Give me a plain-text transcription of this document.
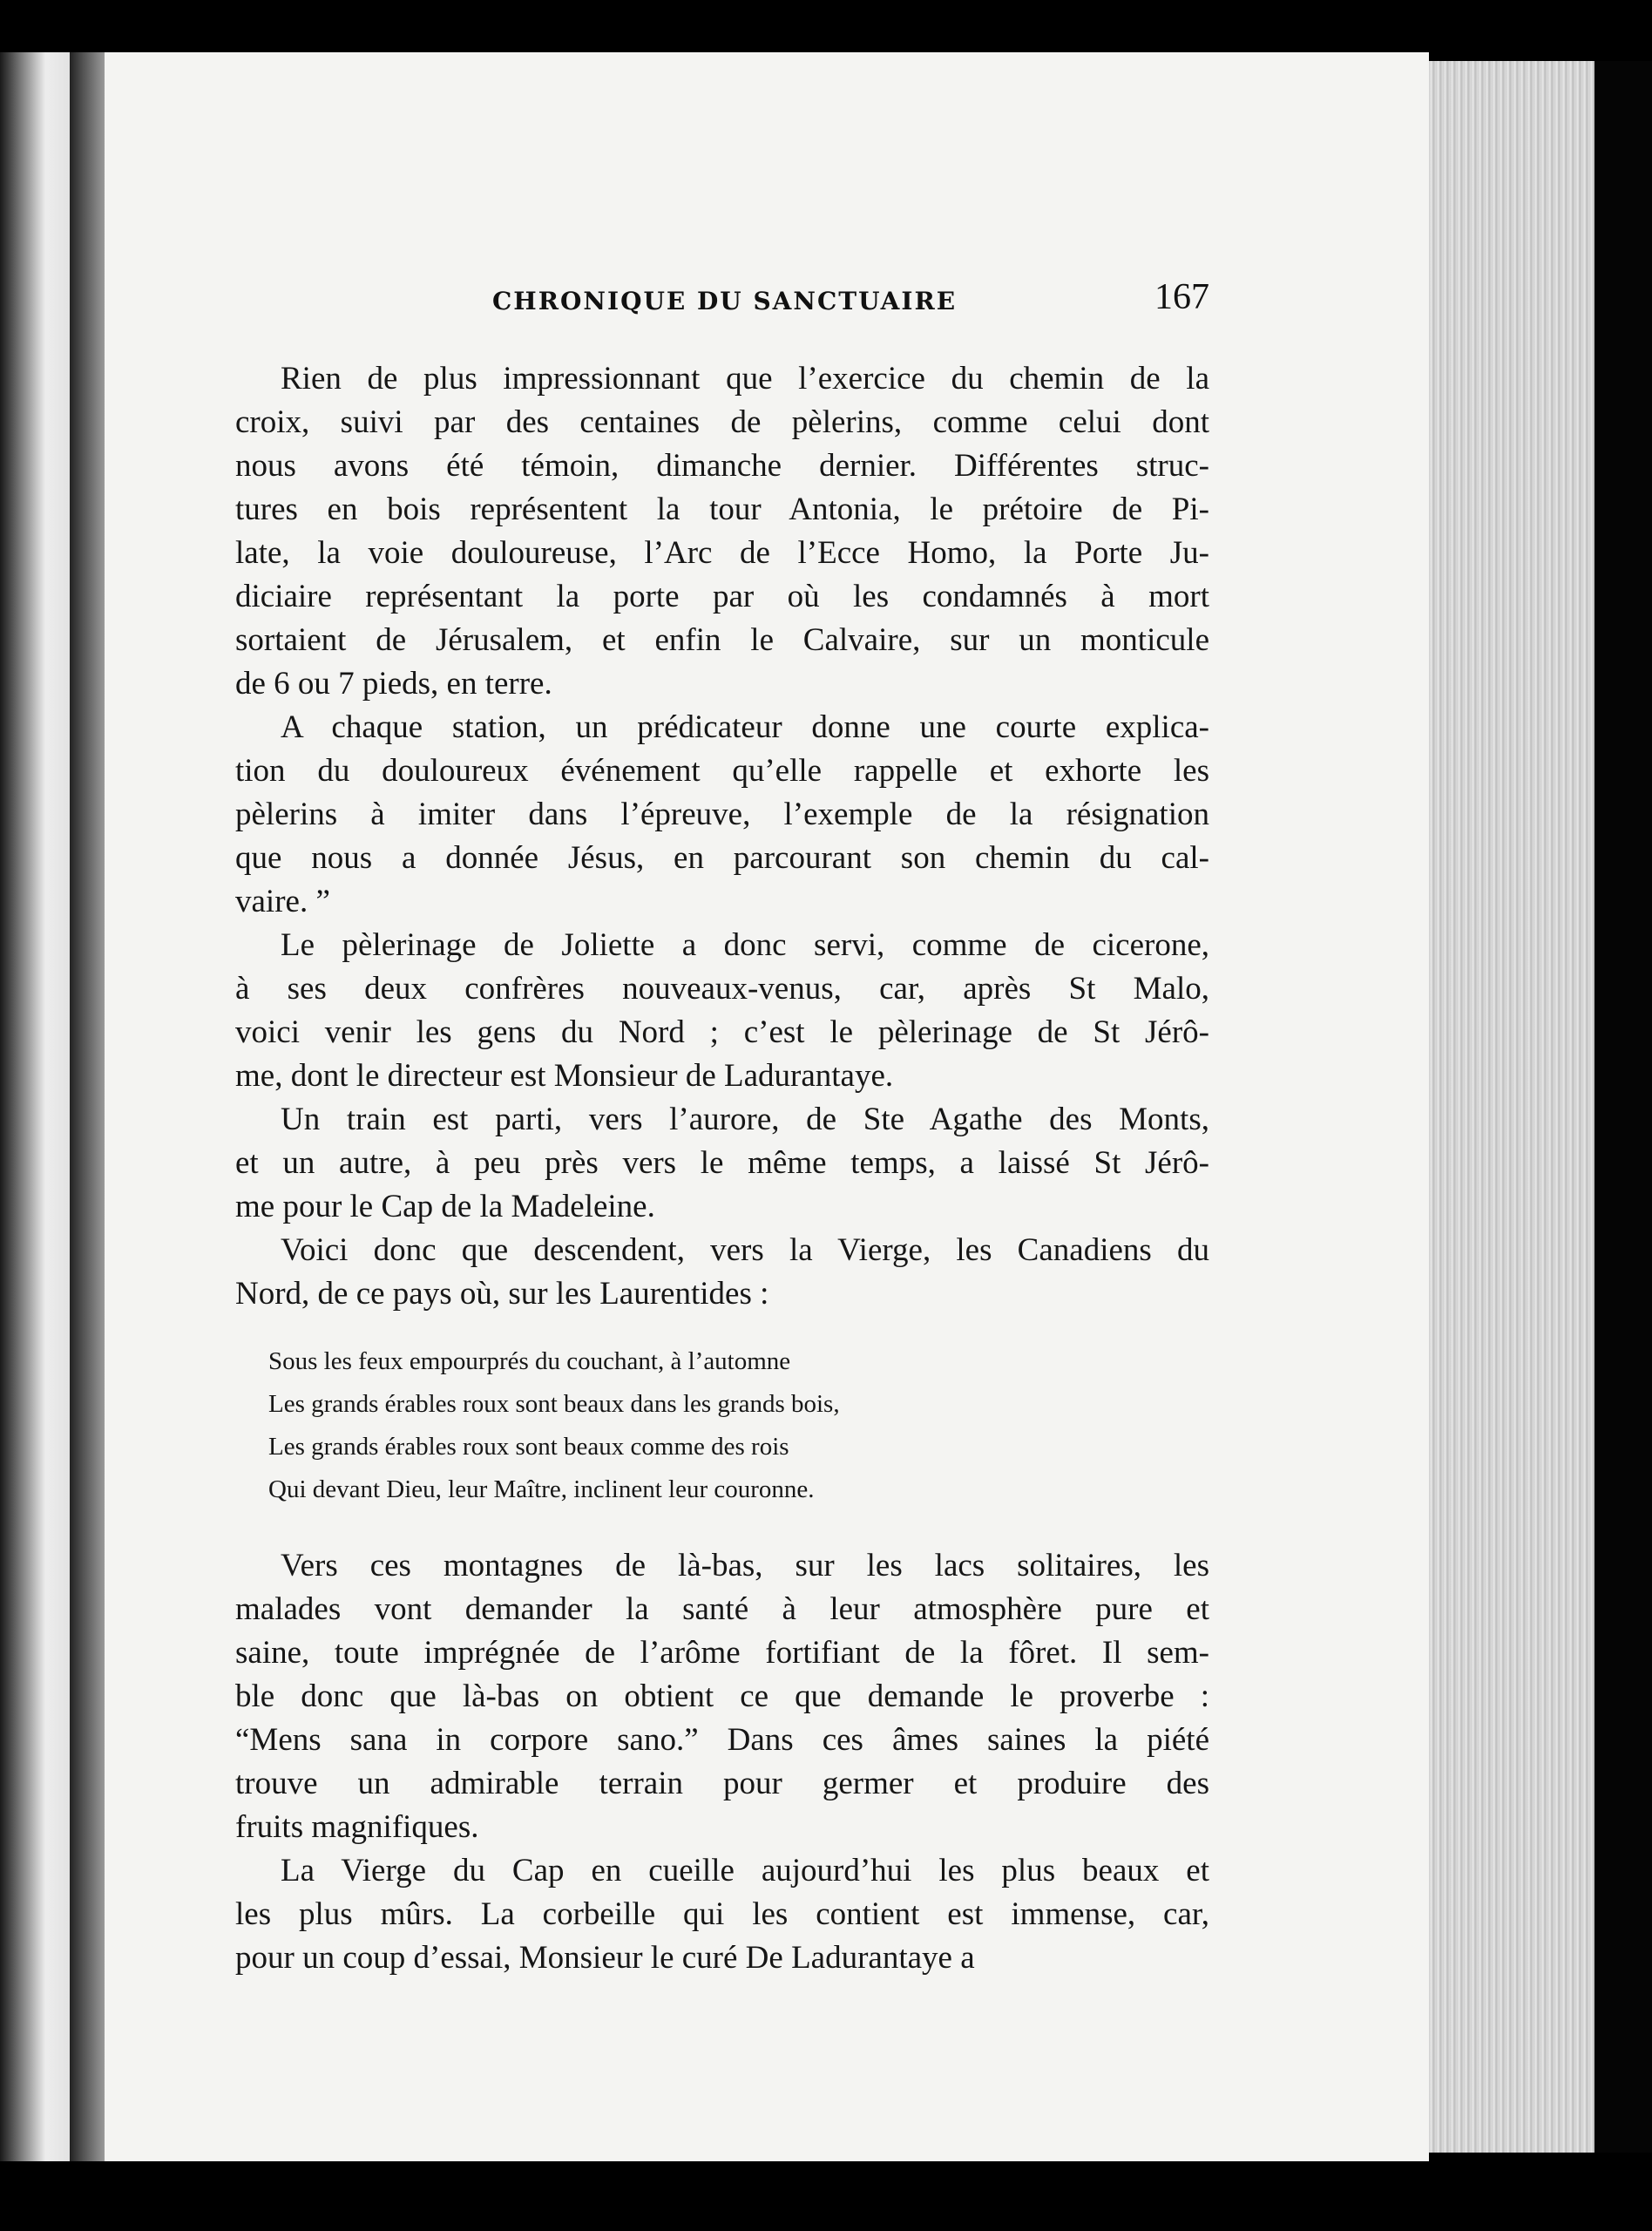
CHRONIQUE DU SANCTUAIRE	167

Rien de plus impressionnant que l’exercice du chemin de la
croix, suivi par des centaines de pèlerins, comme celui dont
nous avons été témoin, dimanche dernier. Différentes struc-
tures en bois représentent la tour Antonia, le prétoire de Pi-
late, la voie douloureuse, l’Arc de l’Ecce Homo, la Porte Ju-
diciaire représentant la porte par où les condamnés à mort
sortaient de Jérusalem, et enfin le Calvaire, sur un monticule
de 6 ou 7 pieds, en terre.

A chaque station, un prédicateur donne une courte explica-
tion du douloureux événement qu’elle rappelle et exhorte les
pèlerins à imiter dans l’épreuve, l’exemple de la résignation
que nous a donnée Jésus, en parcourant son chemin du cal-
vaire. ”

Le pèlerinage de Joliette a donc servi, comme de cicerone,
à ses deux confrères nouveaux-venus, car, après St Malo,
voici venir les gens du Nord ; c’est le pèlerinage de St Jérô-
me, dont le directeur est Monsieur de Ladurantaye.

Un train est parti, vers l’aurore, de Ste Agathe des Monts,
et un autre, à peu près vers le même temps, a laissé St Jérô-
me pour le Cap de la Madeleine.

Voici donc que descendent, vers la Vierge, les Canadiens du
Nord, de ce pays où, sur les Laurentides :

Sous les feux empourprés du couchant, à l’automne
Les grands érables roux sont beaux dans les grands bois,
Les grands érables roux sont beaux comme des rois
Qui devant Dieu, leur Maître, inclinent leur couronne.

Vers ces montagnes de là-bas, sur les lacs solitaires, les
malades vont demander la santé à leur atmosphère pure et
saine, toute imprégnée de l’arôme fortifiant de la fôret. Il sem-
ble donc que là-bas on obtient ce que demande le proverbe :
“Mens sana in corpore sano.” Dans ces âmes saines la piété
trouve un admirable terrain pour germer et produire des
fruits magnifiques.

La Vierge du Cap en cueille aujourd’hui les plus beaux et
les plus mûrs. La corbeille qui les contient est immense, car,
pour un coup d’essai, Monsieur le curé De Ladurantaye a
